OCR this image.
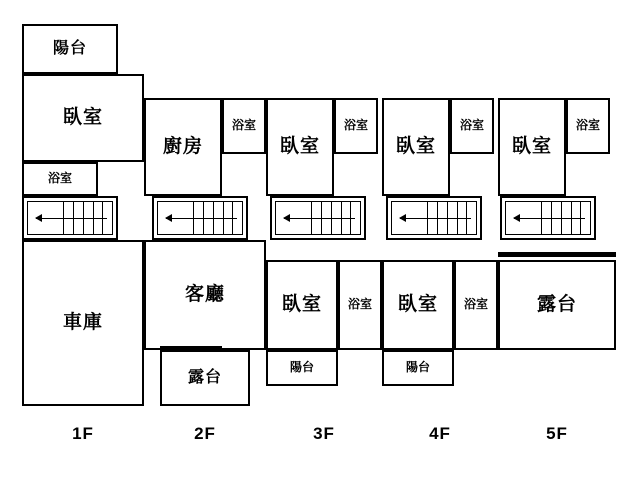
陽台
臥室
浴室
車庫
1F
廚房
浴室
客廳
露台
2F
臥室
浴室
臥室 浴室
陽台
3F
臥室
浴室
臥室 浴室
陽台
4F
臥室
浴室
露台
5F
